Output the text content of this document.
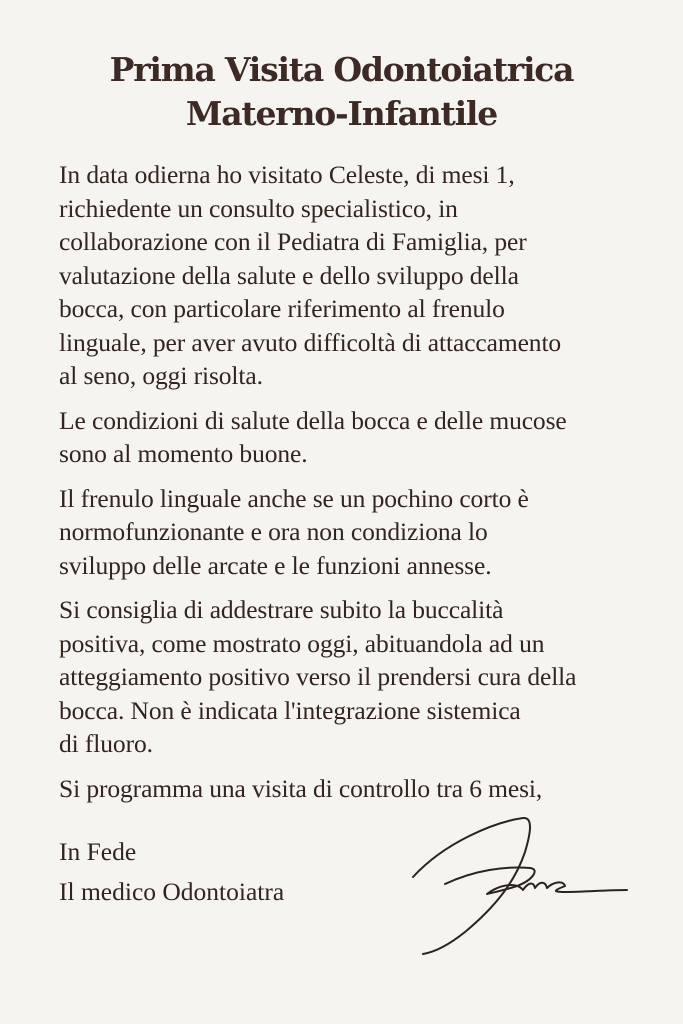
Prima Visita Odontoiatrica
Materno-Infantile

In data odierna ho visitato Celeste, di mesi 1,
richiedente un consulto specialistico, in
collaborazione con il Pediatra di Famiglia, per
valutazione della salute e dello sviluppo della
bocca, con particolare riferimento al frenulo
linguale, per aver avuto difficoltà di attaccamento
al seno, oggi risolta.

Le condizioni di salute della bocca e delle mucose
sono al momento buone.

Il frenulo linguale anche se un pochino corto è
normofunzionante e ora non condiziona lo
sviluppo delle arcate e le funzioni annesse.

Si consiglia di addestrare subito la buccalità
positiva, come mostrato oggi, abituandola ad un
atteggiamento positivo verso il prendersi cura della
bocca. Non è indicata l'integrazione sistemica
di fluoro.

Si programma una visita di controllo tra 6 mesi,

In Fede
Il medico Odontoiatra
